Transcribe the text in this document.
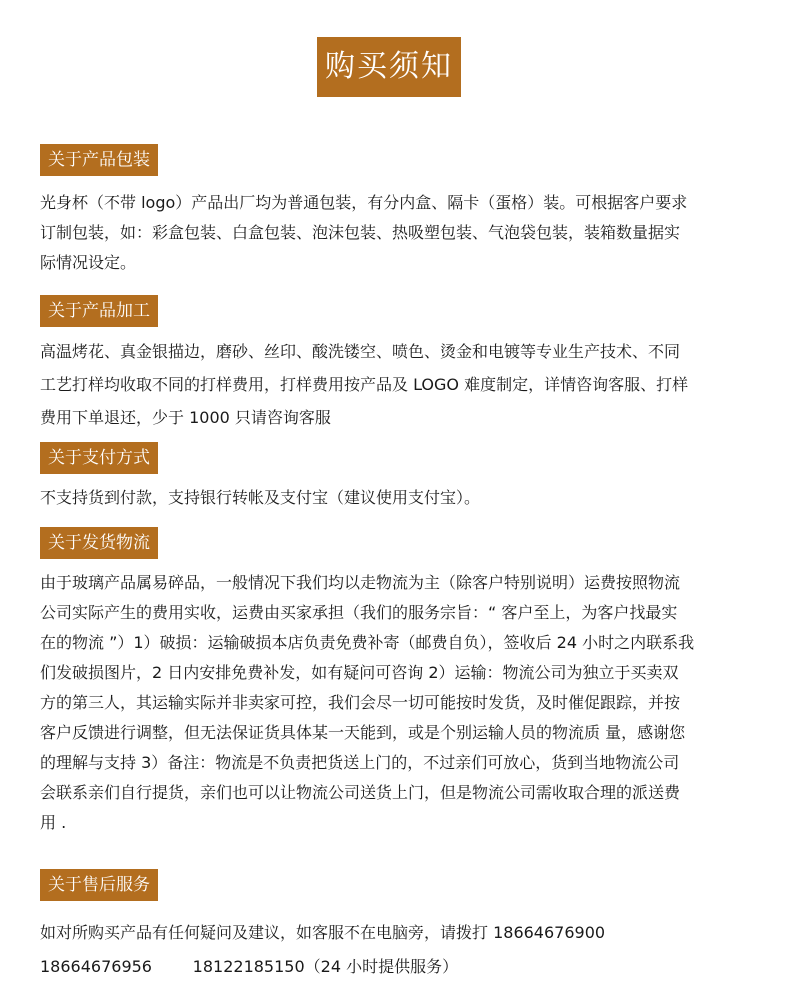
购买须知
关于产品包装
光身杯（不带 logo）产品出厂均为普通包装，有分内盒、隔卡（蛋格）装。可根据客户要求
订制包装，如：彩盒包装、白盒包装、泡沫包装、热吸塑包装、气泡袋包装，装箱数量据实
际情况设定。
关于产品加工
高温烤花、真金银描边，磨砂、丝印、酸洗镂空、喷色、烫金和电镀等专业生产技术、不同
工艺打样均收取不同的打样费用，打样费用按产品及 LOGO 难度制定，详情咨询客服、打样
费用下单退还，少于 1000 只请咨询客服
关于支付方式
不支持货到付款，支持银行转帐及支付宝（建议使用支付宝）。
关于发货物流
由于玻璃产品属易碎品，一般情况下我们均以走物流为主（除客户特别说明）运费按照物流
公司实际产生的费用实收，运费由买家承担（我们的服务宗旨：“ 客户至上，为客户找最实
在的物流 ”）1）破损：运输破损本店负责免费补寄（邮费自负），签收后 24 小时之内联系我
们发破损图片，2 日内安排免费补发，如有疑问可咨询 2）运输：物流公司为独立于买卖双
方的第三人，其运输实际并非卖家可控，我们会尽一切可能按时发货，及时催促跟踪，并按
客户反馈进行调整，但无法保证货具体某一天能到，或是个别运输人员的物流质 量，感谢您
的理解与支持 3）备注：物流是不负责把货送上门的，不过亲们可放心，货到当地物流公司
会联系亲们自行提货，亲们也可以让物流公司送货上门，但是物流公司需收取合理的派送费
用 .
关于售后服务
如对所购买产品有任何疑问及建议，如客服不在电脑旁，请拨打 18664676900
18664676956        18122185150（24 小时提供服务）
